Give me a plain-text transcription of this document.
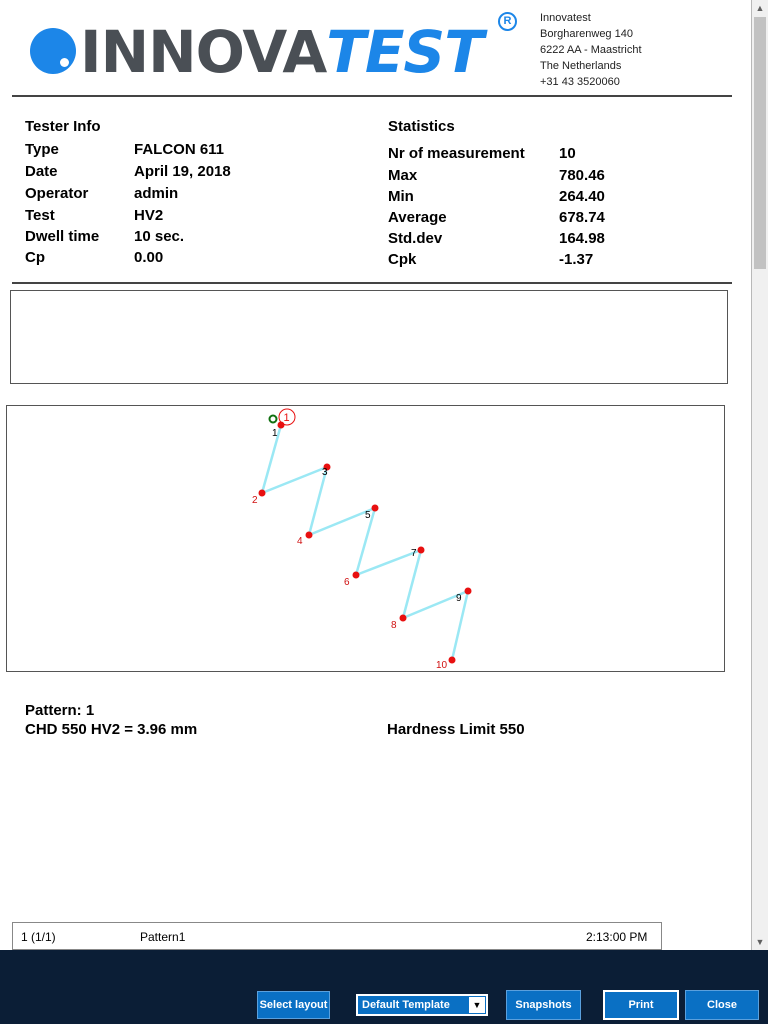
INNOVATEST	R	Innovatest
Borgharenweg 140
6222 AA - Maastricht
The Netherlands
+31 43 3520060
Tester Info
Type	FALCON 611
Date	April 19, 2018
Operator	admin
Test	HV2
Dwell time 10 sec.
Cp	0.00
Statistics
Nr of measurement 10
Max	780.46
Min	264.40
Average	678.74
Std.dev	164.98
Cpk	-1.37
1
1
2
3
4
5
6
7
8
9
10
Pattern: 1
CHD 550 HV2 = 3.96 mm	Hardness Limit 550
1 (1/1)	Pattern1	2:13:00 PM
▲
▼
Select layout	Default Template	▼	Snapshots	Print	Close
